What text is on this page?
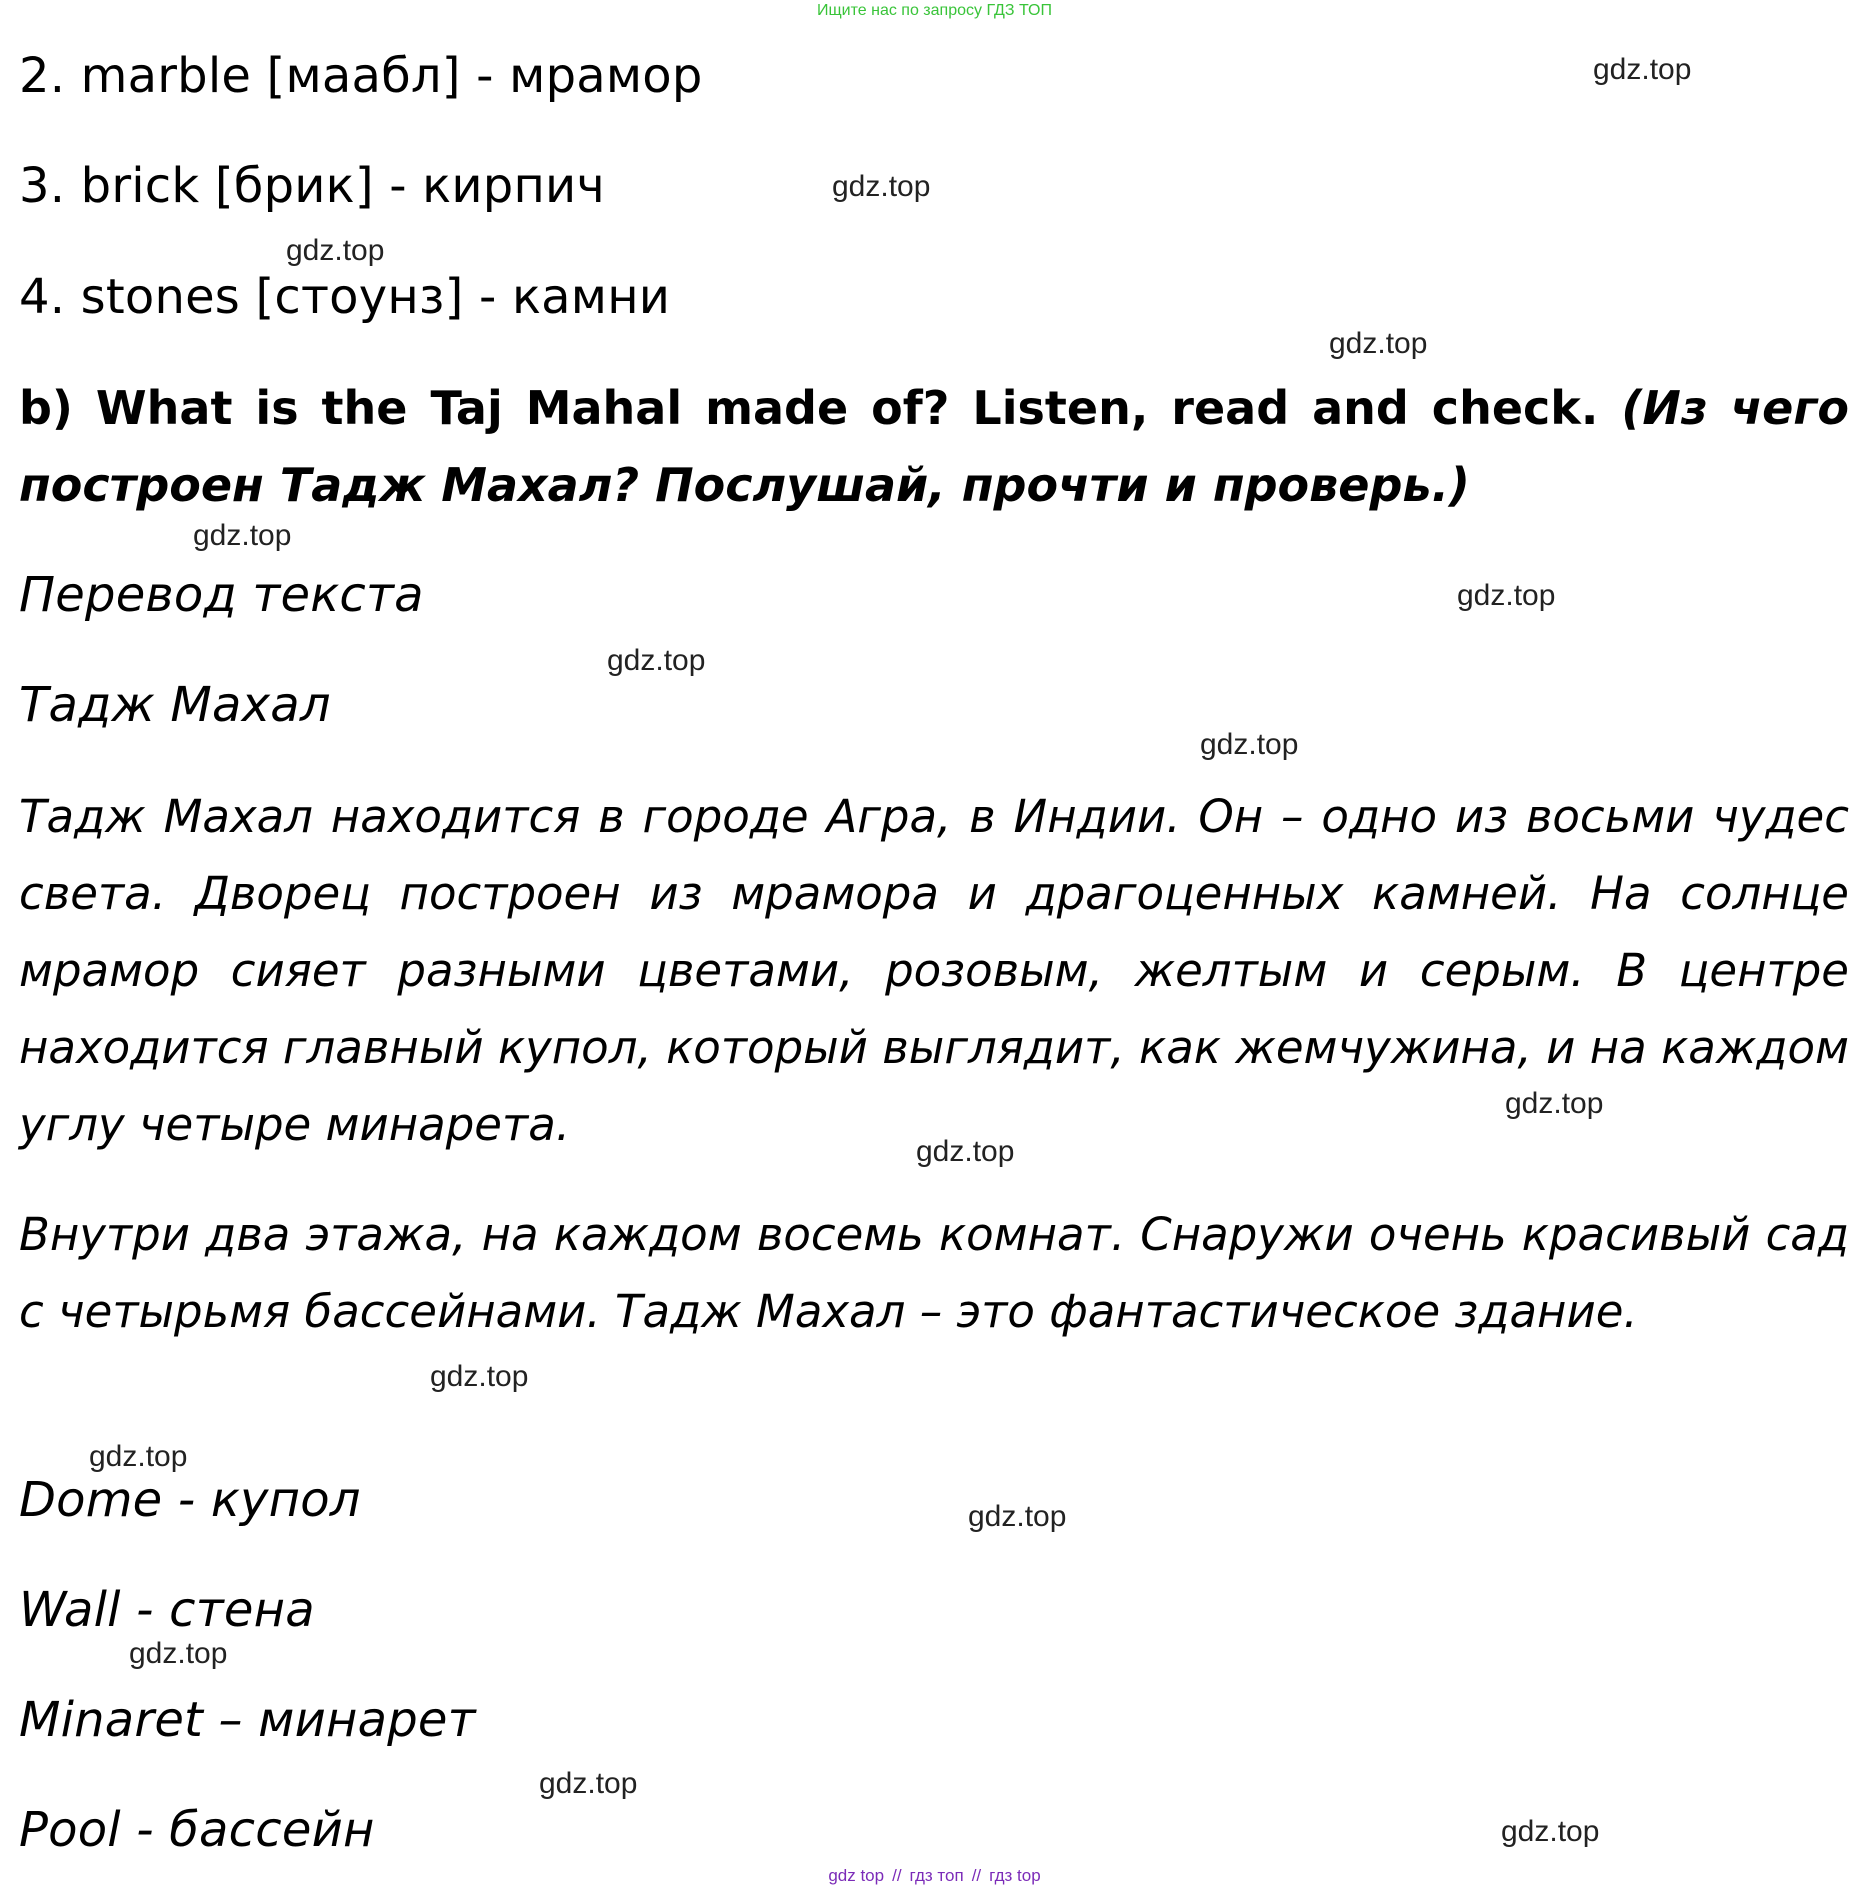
Ищите нас по запросу ГДЗ ТОП
2. marble [маабл] - мрамор
3. brick [брик] - кирпич
4. stones [стоунз] - камни
b) What is the Taj Mahal made of? Listen, read and check. (Из чего построен Тадж Махал? Послушай, прочти и проверь.)
Перевод текста
Тадж Махал
Тадж Махал находится в городе Агра, в Индии. Он – одно из восьми чудес света. Дворец построен из мрамора и драгоценных камней. На солнце мрамор сияет разными цветами, розовым, желтым и серым. В центре находится главный купол, который выглядит, как жемчужина, и на каждом углу четыре минарета.
Внутри два этажа, на каждом восемь комнат. Снаружи очень красивый сад с четырьмя бассейнами. Тадж Махал – это фантастическое здание.
Dome - купол
Wall - стена
Minaret – минарет
Pool - бассейн
gdz.top
gdz.top
gdz.top
gdz.top
gdz.top
gdz.top
gdz.top
gdz.top
gdz.top
gdz.top
gdz.top
gdz.top
gdz.top
gdz.top
gdz.top
gdz.top
gdz top // гдз топ // гдз top
